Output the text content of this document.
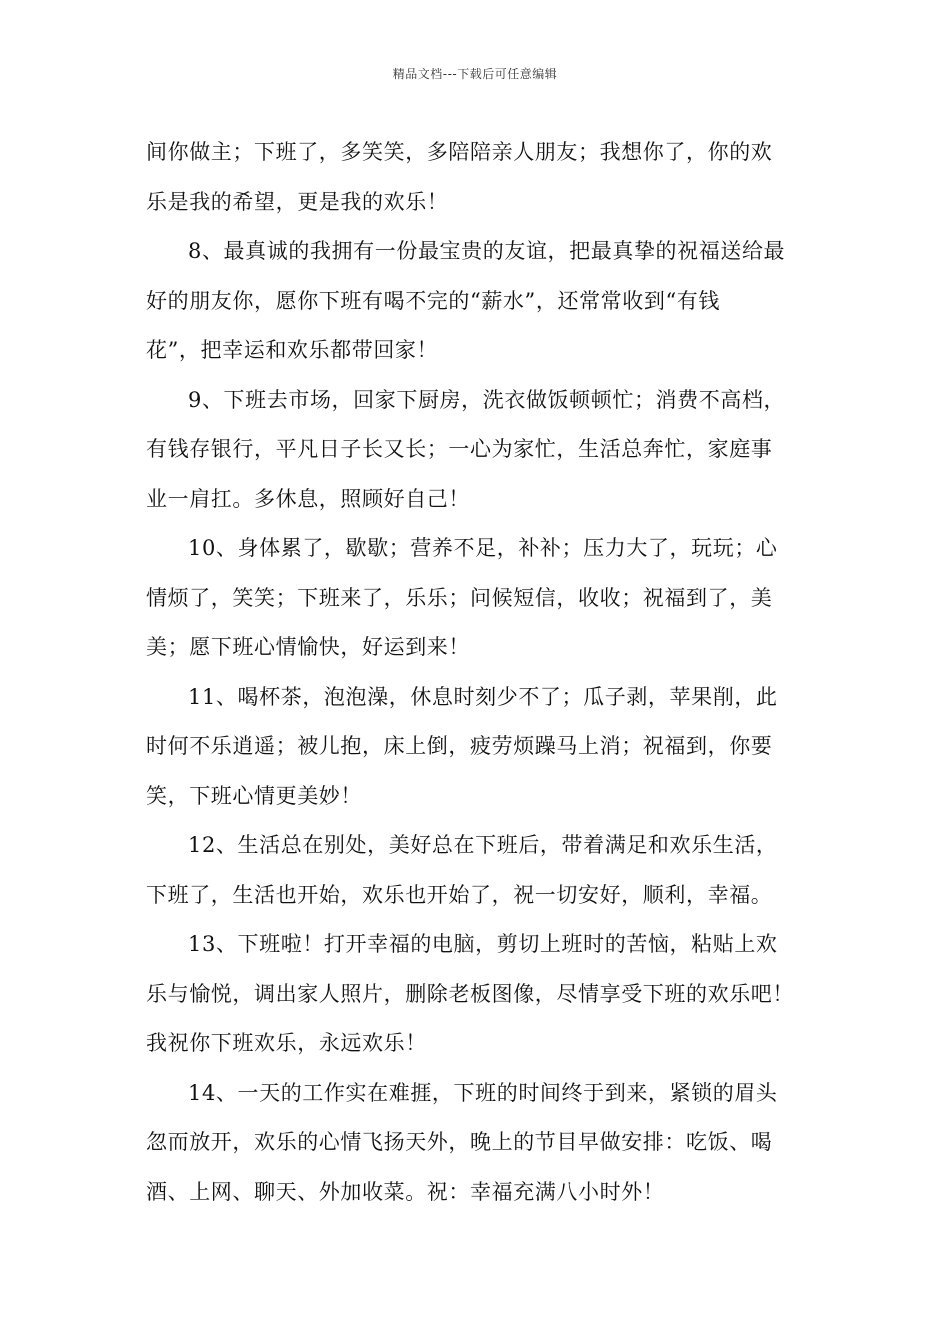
精品文档---下载后可任意编辑
间你做主；下班了，多笑笑，多陪陪亲人朋友；我想你了，你的欢
乐是我的希望，更是我的欢乐！
8、最真诚的我拥有一份最宝贵的友谊，把最真挚的祝福送给最
好的朋友你，愿你下班有喝不完的“薪水”，还常常收到“有钱
花”，把幸运和欢乐都带回家！
9、下班去市场，回家下厨房，洗衣做饭顿顿忙；消费不高档，
有钱存银行，平凡日子长又长；一心为家忙，生活总奔忙，家庭事
业一肩扛。多休息，照顾好自己！
10、身体累了，歇歇；营养不足，补补；压力大了，玩玩；心
情烦了，笑笑；下班来了，乐乐；问候短信，收收；祝福到了，美
美；愿下班心情愉快，好运到来！
11、喝杯茶，泡泡澡，休息时刻少不了；瓜子剥，苹果削，此
时何不乐逍遥；被儿抱，床上倒，疲劳烦躁马上消；祝福到，你要
笑，下班心情更美妙！
12、生活总在别处，美好总在下班后，带着满足和欢乐生活，
下班了，生活也开始，欢乐也开始了，祝一切安好，顺利，幸福。
13、下班啦！打开幸福的电脑，剪切上班时的苦恼，粘贴上欢
乐与愉悦，调出家人照片，删除老板图像，尽情享受下班的欢乐吧！
我祝你下班欢乐，永远欢乐！
14、一天的工作实在难捱，下班的时间终于到来，紧锁的眉头
忽而放开，欢乐的心情飞扬天外，晚上的节目早做安排：吃饭、喝
酒、上网、聊天、外加收菜。祝：幸福充满八小时外！
